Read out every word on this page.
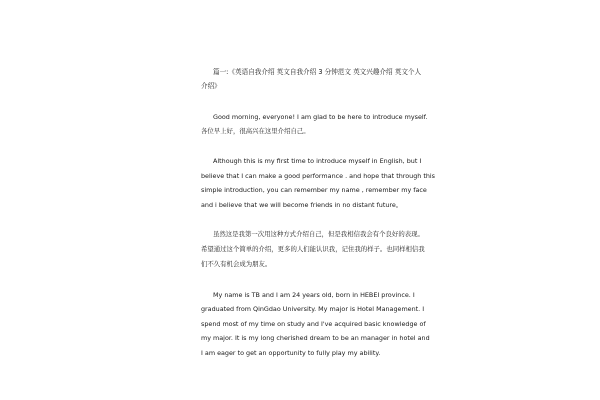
篇一:《英语自我介绍 英文自我介绍 3 分钟范文 英文兴趣介绍 英文个人
介绍》
Good morning, everyone! I am glad to be here to introduce myself.
各位早上好，很高兴在这里介绍自己。
Although this is my first time to introduce myself in English, but I
believe that I can make a good performance . and hope that through this
simple introduction, you can remember my name , remember my face
and i believe that we will become friends in no distant future。
虽然这是我第一次用这种方式介绍自己，但是我相信我会有个良好的表现。
希望通过这个简单的介绍，更多的人们能认识我，记住我的样子。也同样相信我
们不久有机会成为朋友。
My name is TB and I am 24 years old, born in HEBEI province. I
graduated from QinGdao University. My major is Hotel Management. I
spend most of my time on study and I've acquired basic knowledge of
my major. It is my long cherished dream to be an manager in hotel and
I am eager to get an opportunity to fully play my ability.
